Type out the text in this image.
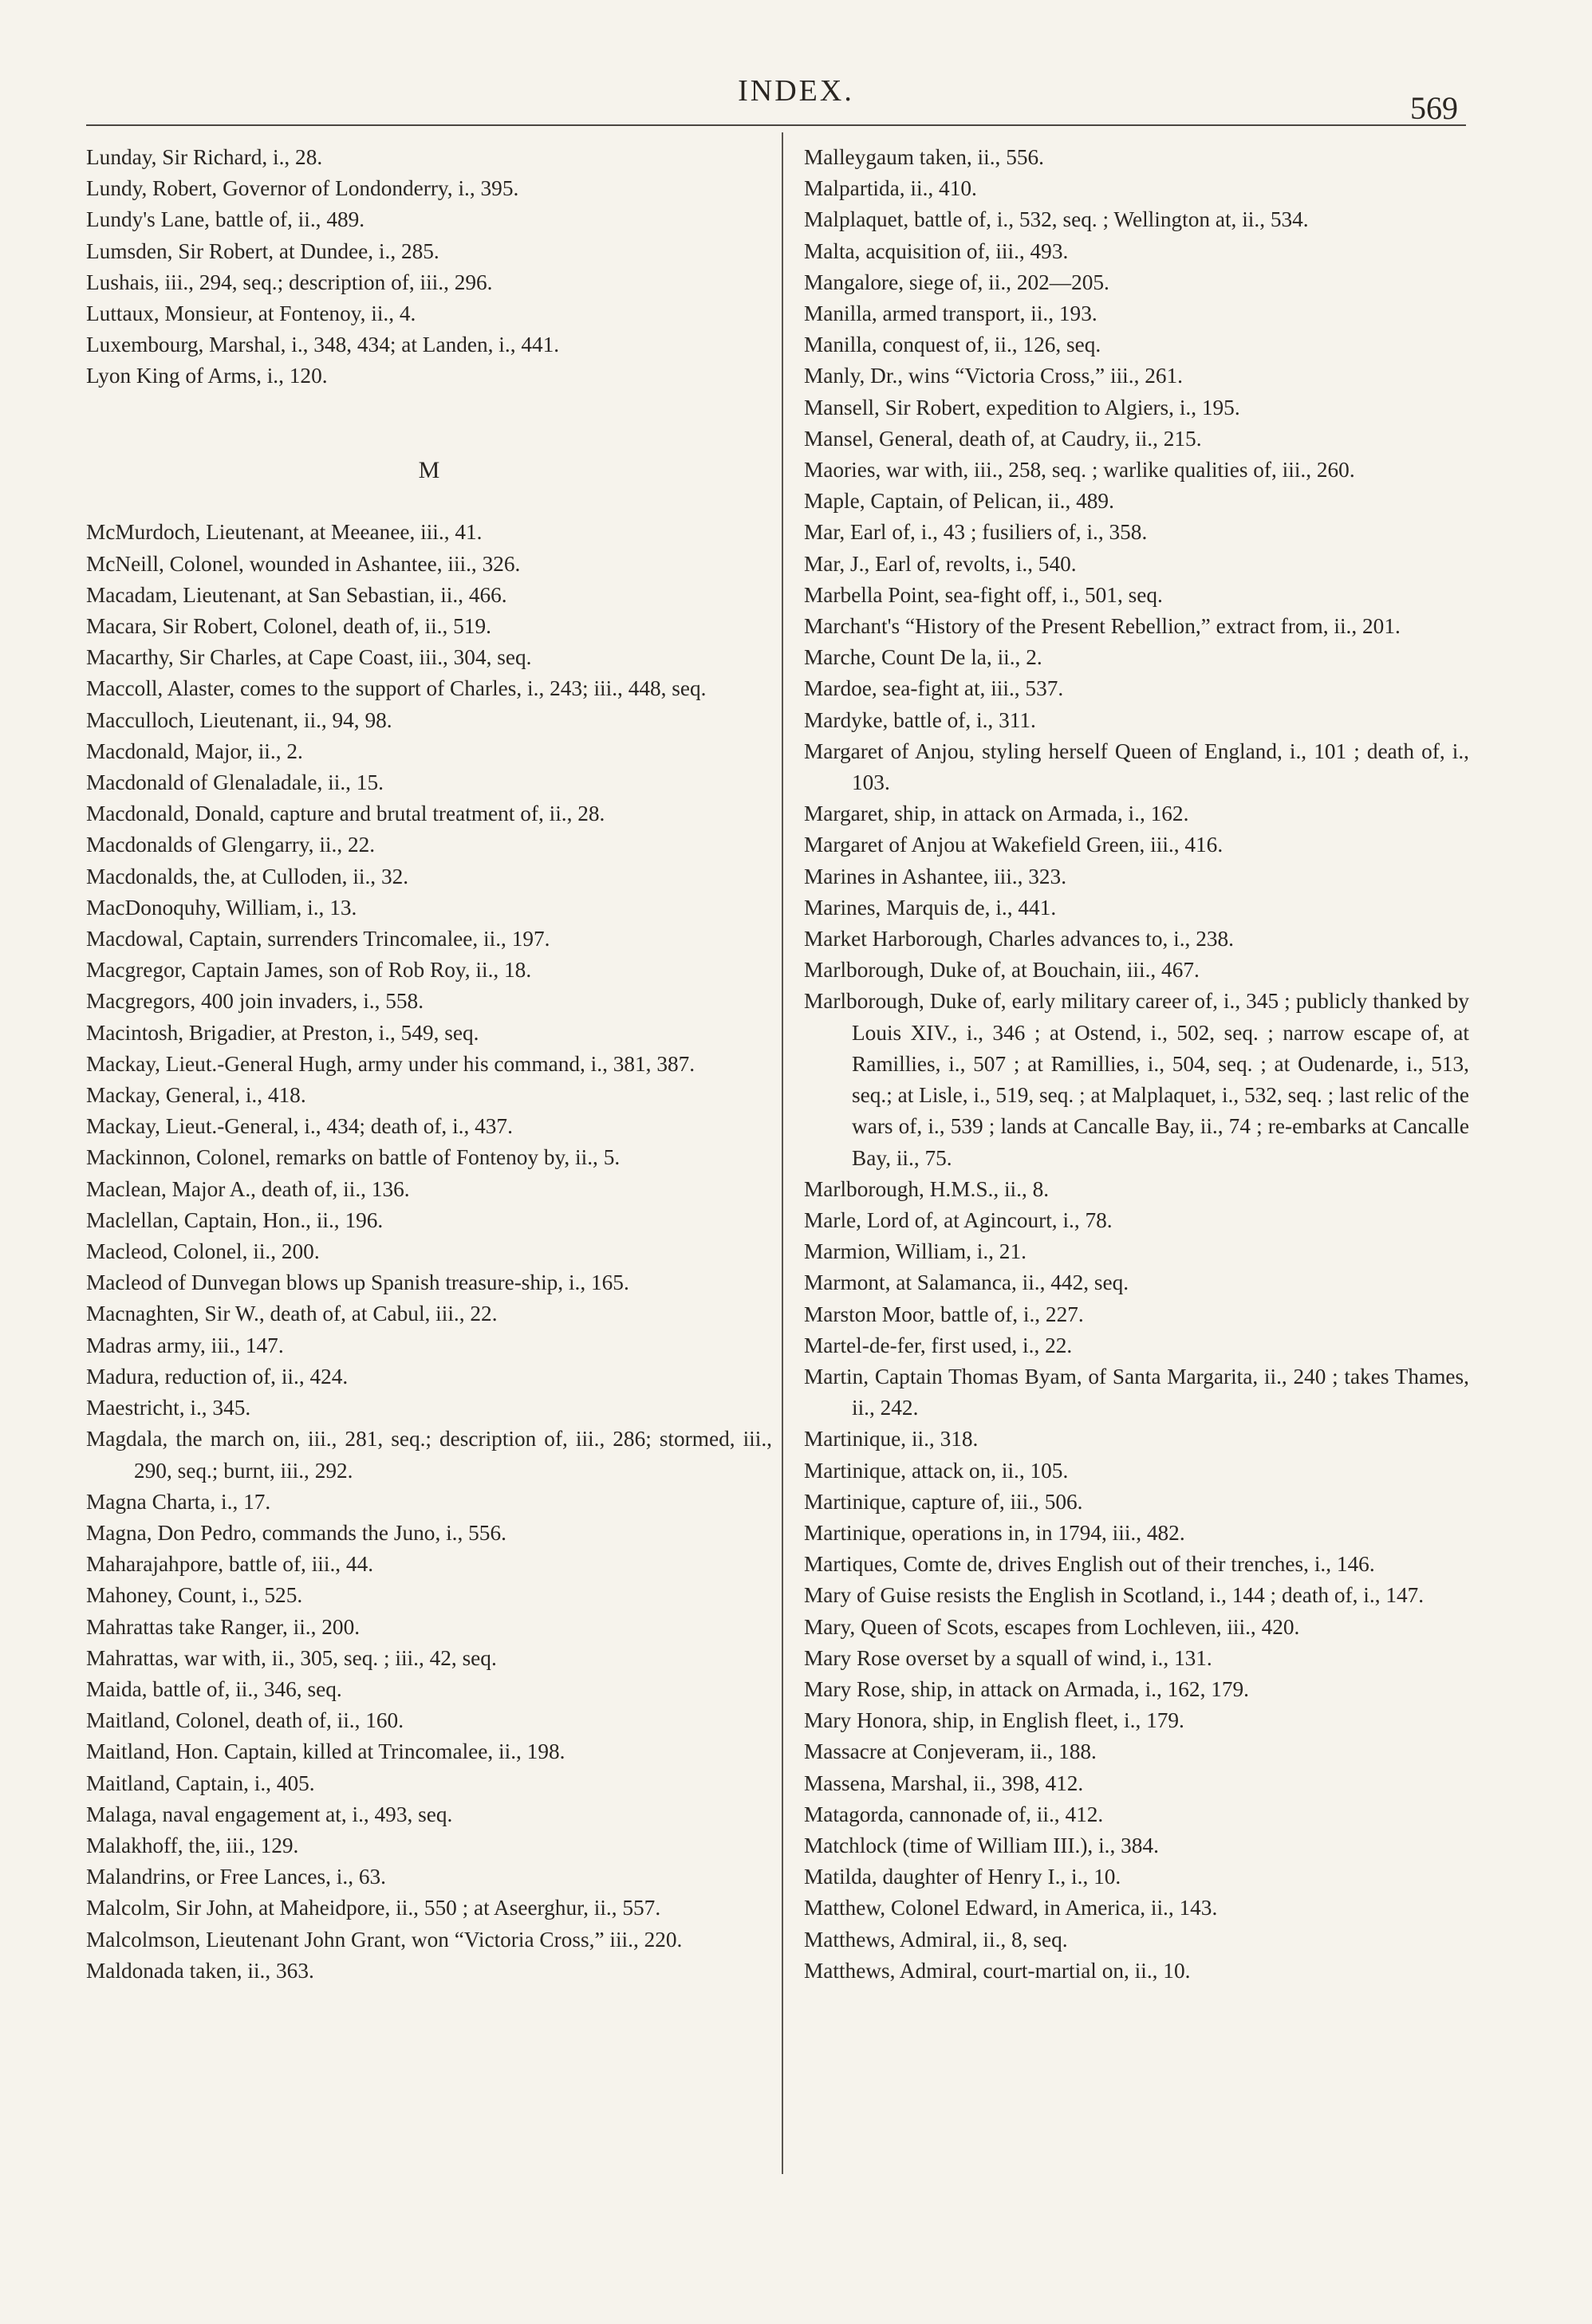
INDEX.	569
Lunday, Sir Richard, i., 28.
Lundy, Robert, Governor of Londonderry, i., 395.
Lundy's Lane, battle of, ii., 489.
Lumsden, Sir Robert, at Dundee, i., 285.
Lushais, iii., 294, seq.; description of, iii., 296.
Luttaux, Monsieur, at Fontenoy, ii., 4.
Luxembourg, Marshal, i., 348, 434; at Landen, i., 441.
Lyon King of Arms, i., 120.
M
McMurdoch, Lieutenant, at Meeanee, iii., 41.
McNeill, Colonel, wounded in Ashantee, iii., 326.
Macadam, Lieutenant, at San Sebastian, ii., 466.
Macara, Sir Robert, Colonel, death of, ii., 519.
Macarthy, Sir Charles, at Cape Coast, iii., 304, seq.
Maccoll, Alaster, comes to the support of Charles, i., 243; iii., 448, seq.
Macculloch, Lieutenant, ii., 94, 98.
Macdonald, Major, ii., 2.
Macdonald of Glenaladale, ii., 15.
Macdonald, Donald, capture and brutal treatment of, ii., 28.
Macdonalds of Glengarry, ii., 22.
Macdonalds, the, at Culloden, ii., 32.
MacDonoquhy, William, i., 13.
Macdowal, Captain, surrenders Trincomalee, ii., 197.
Macgregor, Captain James, son of Rob Roy, ii., 18.
Macgregors, 400 join invaders, i., 558.
Macintosh, Brigadier, at Preston, i., 549, seq.
Mackay, Lieut.-General Hugh, army under his command, i., 381, 387.
Mackay, General, i., 418.
Mackay, Lieut.-General, i., 434; death of, i., 437.
Mackinnon, Colonel, remarks on battle of Fontenoy by, ii., 5.
Maclean, Major A., death of, ii., 136.
Maclellan, Captain, Hon., ii., 196.
Macleod, Colonel, ii., 200.
Macleod of Dunvegan blows up Spanish treasure-ship, i., 165.
Macnaghten, Sir W., death of, at Cabul, iii., 22.
Madras army, iii., 147.
Madura, reduction of, ii., 424.
Maestricht, i., 345.
Magdala, the march on, iii., 281, seq.; description of, iii., 286; stormed, iii., 290, seq.; burnt, iii., 292.
Magna Charta, i., 17.
Magna, Don Pedro, commands the Juno, i., 556.
Maharajahpore, battle of, iii., 44.
Mahoney, Count, i., 525.
Mahrattas take Ranger, ii., 200.
Mahrattas, war with, ii., 305, seq. ; iii., 42, seq.
Maida, battle of, ii., 346, seq.
Maitland, Colonel, death of, ii., 160.
Maitland, Hon. Captain, killed at Trincomalee, ii., 198.
Maitland, Captain, i., 405.
Malaga, naval engagement at, i., 493, seq.
Malakhoff, the, iii., 129.
Malandrins, or Free Lances, i., 63.
Malcolm, Sir John, at Maheidpore, ii., 550 ; at Aseerghur, ii., 557.
Malcolmson, Lieutenant John Grant, won “Victoria Cross,” iii., 220.
Maldonada taken, ii., 363.
Malleygaum taken, ii., 556.
Malpartida, ii., 410.
Malplaquet, battle of, i., 532, seq. ; Wellington at, ii., 534.
Malta, acquisition of, iii., 493.
Mangalore, siege of, ii., 202—205.
Manilla, armed transport, ii., 193.
Manilla, conquest of, ii., 126, seq.
Manly, Dr., wins “Victoria Cross,” iii., 261.
Mansell, Sir Robert, expedition to Algiers, i., 195.
Mansel, General, death of, at Caudry, ii., 215.
Maories, war with, iii., 258, seq. ; warlike qualities of, iii., 260.
Maple, Captain, of Pelican, ii., 489.
Mar, Earl of, i., 43 ; fusiliers of, i., 358.
Mar, J., Earl of, revolts, i., 540.
Marbella Point, sea-fight off, i., 501, seq.
Marchant's “History of the Present Rebellion,” extract from, ii., 201.
Marche, Count De la, ii., 2.
Mardoe, sea-fight at, iii., 537.
Mardyke, battle of, i., 311.
Margaret of Anjou, styling herself Queen of England, i., 101 ; death of, i., 103.
Margaret, ship, in attack on Armada, i., 162.
Margaret of Anjou at Wakefield Green, iii., 416.
Marines in Ashantee, iii., 323.
Marines, Marquis de, i., 441.
Market Harborough, Charles advances to, i., 238.
Marlborough, Duke of, at Bouchain, iii., 467.
Marlborough, Duke of, early military career of, i., 345 ; publicly thanked by Louis XIV., i., 346 ; at Ostend, i., 502, seq. ; narrow escape of, at Ramillies, i., 507 ; at Ramillies, i., 504, seq. ; at Oudenarde, i., 513, seq.; at Lisle, i., 519, seq. ; at Malplaquet, i., 532, seq. ; last relic of the wars of, i., 539 ; lands at Cancalle Bay, ii., 74 ; re-embarks at Cancalle Bay, ii., 75.
Marlborough, H.M.S., ii., 8.
Marle, Lord of, at Agincourt, i., 78.
Marmion, William, i., 21.
Marmont, at Salamanca, ii., 442, seq.
Marston Moor, battle of, i., 227.
Martel-de-fer, first used, i., 22.
Martin, Captain Thomas Byam, of Santa Margarita, ii., 240 ; takes Thames, ii., 242.
Martinique, ii., 318.
Martinique, attack on, ii., 105.
Martinique, capture of, iii., 506.
Martinique, operations in, in 1794, iii., 482.
Martiques, Comte de, drives English out of their trenches, i., 146.
Mary of Guise resists the English in Scotland, i., 144 ; death of, i., 147.
Mary, Queen of Scots, escapes from Lochleven, iii., 420.
Mary Rose overset by a squall of wind, i., 131.
Mary Rose, ship, in attack on Armada, i., 162, 179.
Mary Honora, ship, in English fleet, i., 179.
Massacre at Conjeveram, ii., 188.
Massena, Marshal, ii., 398, 412.
Matagorda, cannonade of, ii., 412.
Matchlock (time of William III.), i., 384.
Matilda, daughter of Henry I., i., 10.
Matthew, Colonel Edward, in America, ii., 143.
Matthews, Admiral, ii., 8, seq.
Matthews, Admiral, court-martial on, ii., 10.
